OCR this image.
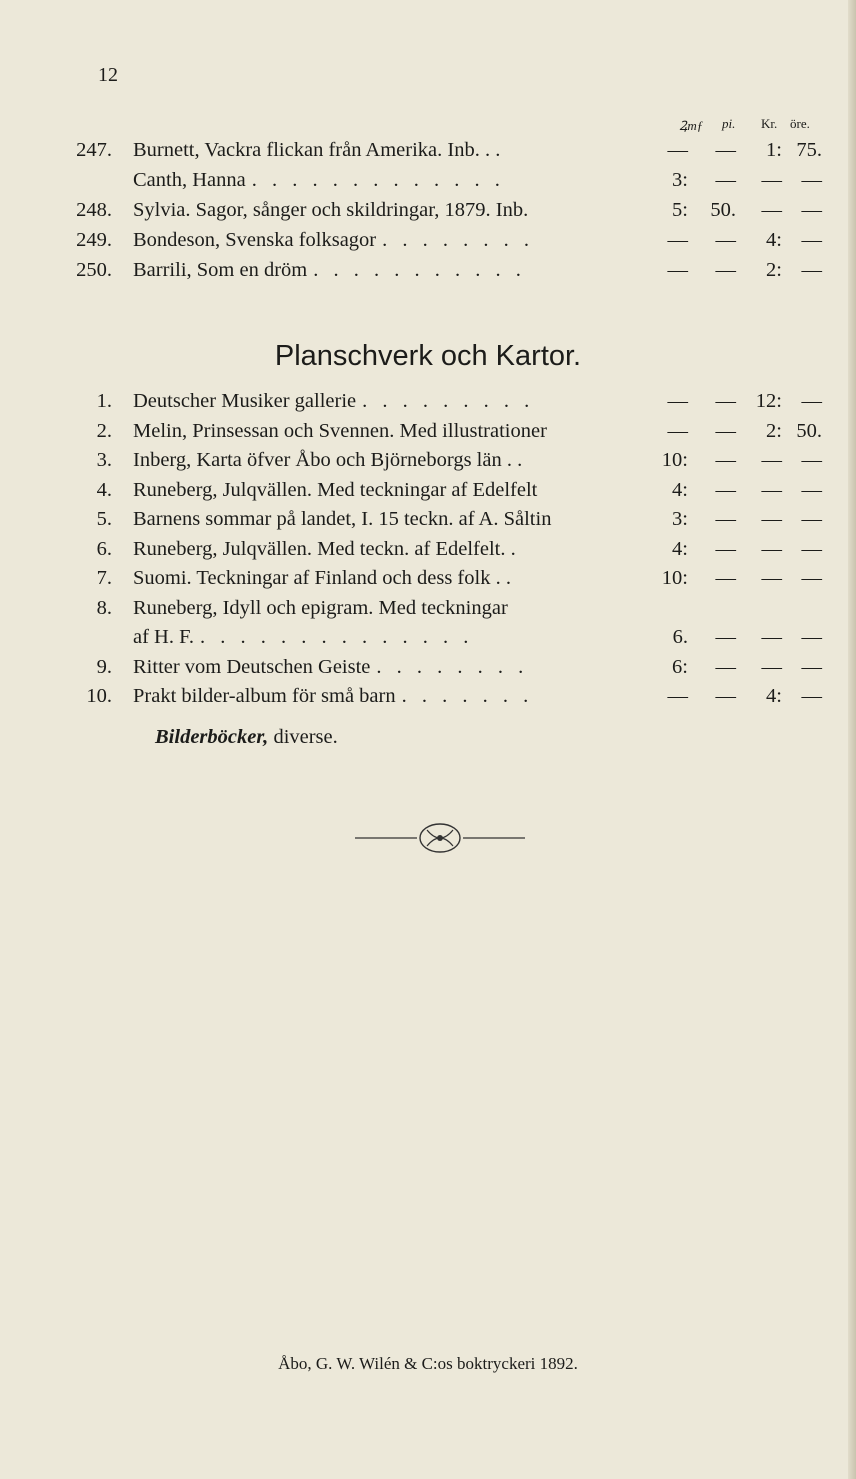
12
Ꝝmƒ pi. Kr. öre.
247. Burnett, Vackra flickan från Amerika. Inb. . .	—	—	1: 75.
Canth, Hanna . . . . . . . . . . . . .	3:	—	— —
248. Sylvia. Sagor, sånger och skildringar, 1879. Inb.	5:	50.	— —
249. Bondeson, Svenska folksagor . . . . . . . .	—	—	4: —
250. Barrili, Som en dröm . . . . . . . . . . .	—	—	2: —
Planschverk och Kartor.
1. Deutscher Musiker gallerie . . . . . . . . .	—	— 12: —
2. Melin, Prinsessan och Svennen. Med illustrationer	—	—	2: 50.
3. Inberg, Karta öfver Åbo och Björneborgs län . .	10:	—	— —
4. Runeberg, Julqvällen. Med teckningar af Edelfelt	4:	—	— —
5. Barnens sommar på landet, I. 15 teckn. af A. Såltin	3:	—	— —
6. Runeberg, Julqvällen. Med teckn. af Edelfelt. .	4:	—	— —
7. Suomi. Teckningar af Finland och dess folk . .	10:	—	— —
8. Runeberg, Idyll och epigram. Med teckningar
af H. F. . . . . . . . . . . . . . .	6.	—	— —
9. Ritter vom Deutschen Geiste . . . . . . . .	6:	—	— —
10. Prakt bilder-album för små barn . . . . . . .	—	—	4: —
Bilderböcker, diverse.
Åbo, G. W. Wilén & C:os boktryckeri 1892.
